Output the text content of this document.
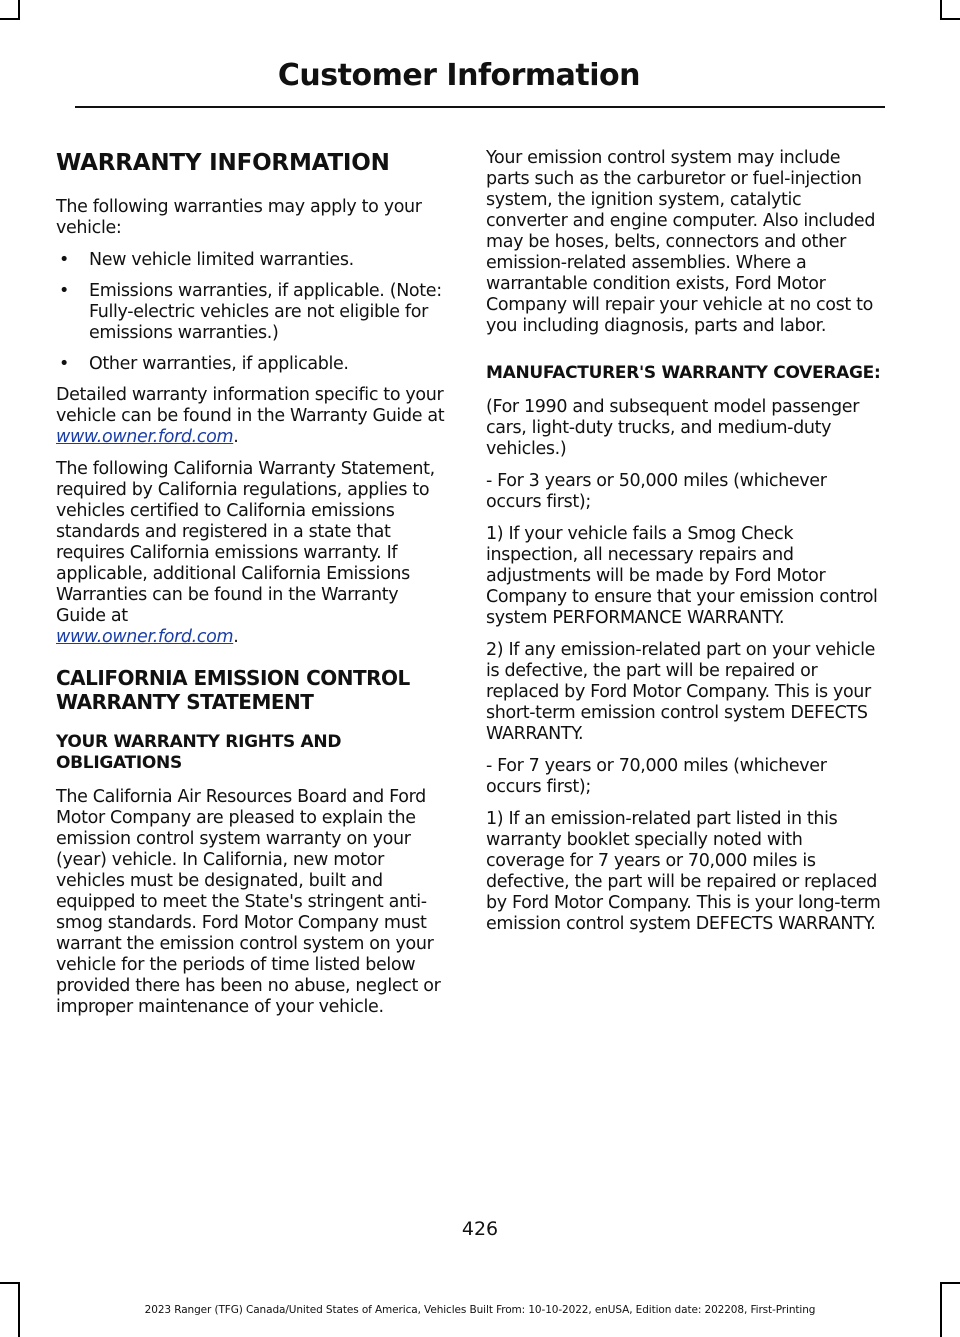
Customer Information
WARRANTY INFORMATION

The following warranties may apply to your vehicle:

• New vehicle limited warranties.
• Emissions warranties, if applicable. (Note: Fully-electric vehicles are not eligible for emissions warranties.)
• Other warranties, if applicable.

Detailed warranty information specific to your vehicle can be found in the Warranty Guide at www.owner.ford.com.

The following California Warranty Statement, required by California regulations, applies to vehicles certified to California emissions standards and registered in a state that requires California emissions warranty. If applicable, additional California Emissions Warranties can be found in the Warranty Guide at
www.owner.ford.com.

CALIFORNIA EMISSION CONTROL WARRANTY STATEMENT
YOUR WARRANTY RIGHTS AND OBLIGATIONS

The California Air Resources Board and Ford Motor Company are pleased to explain the emission control system warranty on your (year) vehicle. In California, new motor vehicles must be designated, built and equipped to meet the State's stringent anti-smog standards. Ford Motor Company must warrant the emission control system on your vehicle for the periods of time listed below provided there has been no abuse, neglect or improper maintenance of your vehicle.

Your emission control system may include parts such as the carburetor or fuel-injection system, the ignition system, catalytic converter and engine computer. Also included may be hoses, belts, connectors and other emission-related assemblies. Where a warrantable condition exists, Ford Motor Company will repair your vehicle at no cost to you including diagnosis, parts and labor.

MANUFACTURER'S WARRANTY COVERAGE:

(For 1990 and subsequent model passenger cars, light-duty trucks, and medium-duty vehicles.)

- For 3 years or 50,000 miles (whichever occurs first);

1) If your vehicle fails a Smog Check inspection, all necessary repairs and adjustments will be made by Ford Motor Company to ensure that your emission control system PERFORMANCE WARRANTY.

2) If any emission-related part on your vehicle is defective, the part will be repaired or replaced by Ford Motor Company. This is your short-term emission control system DEFECTS WARRANTY.

- For 7 years or 70,000 miles (whichever occurs first);

1) If an emission-related part listed in this warranty booklet specially noted with coverage for 7 years or 70,000 miles is defective, the part will be repaired or replaced by Ford Motor Company. This is your long-term emission control system DEFECTS WARRANTY.

426
2023 Ranger (TFG) Canada/United States of America, Vehicles Built From: 10-10-2022, enUSA, Edition date: 202208, First-Printing
